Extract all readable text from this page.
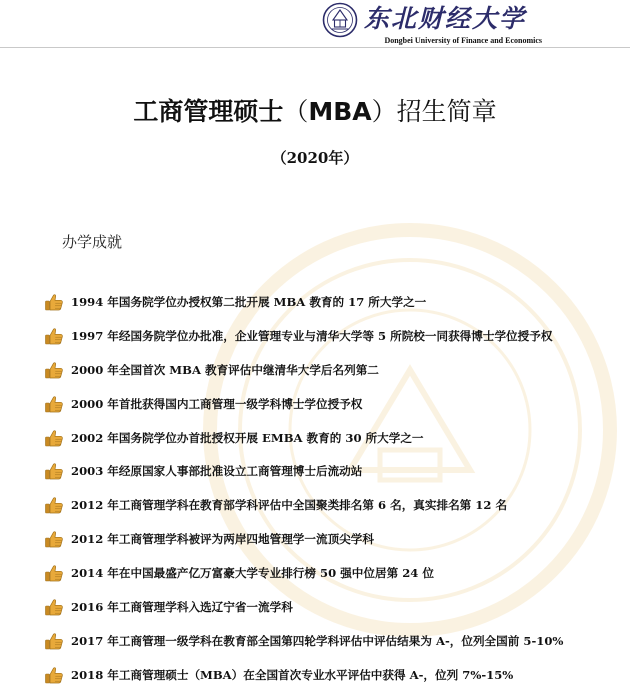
东北财经大学
Dongbei University of Finance and Economics
工商管理硕士（MBA）招生简章
（2020年）
办学成就
1994 年国务院学位办授权第二批开展 MBA 教育的 17 所大学之一
1997 年经国务院学位办批准，企业管理专业与清华大学等 5 所院校一同获得博士学位授予权
2000 年全国首次 MBA 教育评估中继清华大学后名列第二
2000 年首批获得国内工商管理一级学科博士学位授予权
2002 年国务院学位办首批授权开展 EMBA 教育的 30 所大学之一
2003 年经原国家人事部批准设立工商管理博士后流动站
2012 年工商管理学科在教育部学科评估中全国聚类排名第 6 名，真实排名第 12 名
2012 年工商管理学科被评为两岸四地管理学一流顶尖学科
2014 年在中国最盛产亿万富豪大学专业排行榜 50 强中位居第 24 位
2016 年工商管理学科入选辽宁省一流学科
2017 年工商管理一级学科在教育部全国第四轮学科评估中评估结果为 A-，位列全国前 5-10%
2018 年工商管理硕士（MBA）在全国首次专业水平评估中获得 A-，位列 7%-15%
